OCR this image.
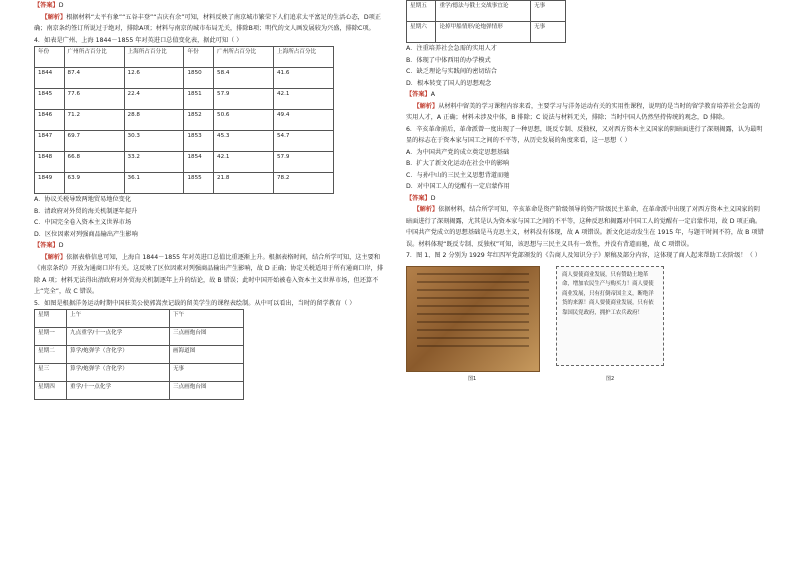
【答案】D

【解析】根据材料“太平有象”“五谷丰登”“吉庆有余”可知，材料反映了南京城市繁荣下人们追求太平富足的生活心态，D项正确；南京条约签订所说过于绝对，排除A项；材料与南京的城市布局无关，排除B项；明代的文人画发展较为兴盛，排除C项。

4．如表是广州、上海 1844－1855 年对英进口总值变化表，据此可知（ ）

年份	广州所占百分比	上海所占百分比	年份	广州所占百分比	上海所占百分比
1844	87.4	12.6	1850	58.4	41.6
1845	77.6	22.4	1851	57.9	42.1
1846	71.2	28.8	1852	50.6	49.4
1847	69.7	30.3	1853	45.3	54.7
1848	66.8	33.2	1854	42.1	57.9
1849	63.9	36.1	1855	21.8	78.2

A．协议关税导致两地贸易地位变化

B．清政府对外贸的海关机制逐年提升

C．中国完全卷入资本主义世界市场

D．区位因素对列强商品输出产生影响

【答案】D

【解析】依据表格信息可知，上海自 1844－1855 年对英进口总值比重逐渐上升。根据表格时间，结合所学可知，这主要和《南京条约》开放为通商口岸有关。这反映了区位因素对列强商品输出产生影响，故 D 正确；协定关税适用于所有通商口岸，排除 A 项；材料无法得出清政府对外贸海关机制逐年上升的结论，故 B 错误；此时中国开始被卷入资本主义世界市场，但还算不上“完全”，故 C 错误。

5．如图是根据洋务运动时期中国驻美公使郭嵩焘记载的留美学生的课程表绘制。从中可以看出，当时的留学教育（ ）

星期	上午	下午
星期一	九点重学/十一点化学	三点画炮台图
星期二	算学/炮弹学（含化学）	画海道图
星三	算学/炮弹学（含化学）	无事
星期四	重学/十一点化学	三点画炮台图
星期五	重学/德法与俄土交战事宜论	无事
星期六	论掉甲船情形/论炮弹情形	无事

A．注重培养社会急需的实用人才

B．体现了中体西用的办学模式

C．缺乏理论与实践间的密切结合

D．根本转变了国人的思想观念

【答案】A

【解析】从材料中留美的学习课程内容来看，主要学习与洋务运动有关的实用性课程，说明的是当时的留学教育培养社会急需的实用人才，A 正确；材料未涉及中体，B 排除；C 说法与材料无关，排除；当时中国人仍然坚持传统的观念，D 排除。

6．辛亥革命前后，革命派曾一度出现了一种思想，既反专制、反独权，又对西方资本主义国家的阴暗面进行了深刻揭露，认为最明显的标志在于资本家与国工之间的不平等，从历史发展的角度来看，这一思想（ ）

A．为中国共产党的成立奠定思想基础

B．扩大了新文化运动在社会中的影响

C．与孙中山的三民主义思想背道而驰

D．对中国工人的觉醒有一定启蒙作用

【答案】D

【解析】依据材料，结合所学可知，辛亥革命是资产阶级领导的资产阶级民主革命，在革命派中出现了对西方资本主义国家的阴暗面进行了深刻揭露，尤其是认为资本家与国工之间的不平等，这种反思和揭露对中国工人的觉醒有一定启蒙作用，故 D 项正确。中国共产党成立的思想基础是马克思主义，材料没有体现，故 A 项错误。新文化运动发生在 1915 年，与题干时间不符，故 B 项错误。材料体现“既反专制、反独权”可知，该思想与三民主义具有一致性，并没有背道而驰，故 C 项错误。

7．图 1、图 2 分别为 1929 年红四军党部颁发的《告商人及知识分子》原稿及部分内容，这体现了商人起来帮助工农阶级！（ ）

商人要使商业发展，只有赞助土地革命，增加农民生产与购买力！商人要使商业发展，只有打倒帝国主义，断绝洋货的来源！商人要使商业发展，只有依靠国民党政府，拥护工农兵政府！
图1	图2
